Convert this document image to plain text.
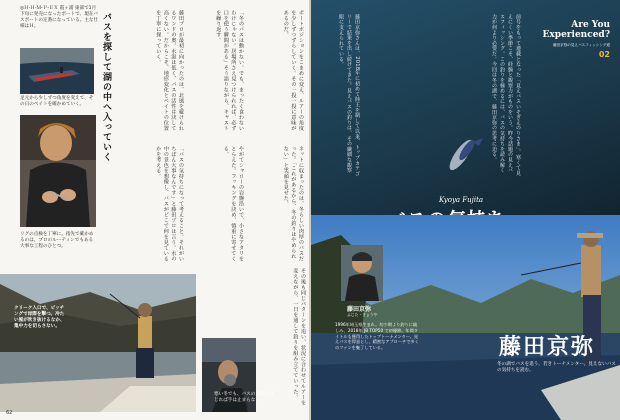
◎Ｈ‐Ｈ‐Ｍ‐Ｐ‐ＥＸ 霞ヶ浦 東部で1月下旬に発売になったボートで、現在バスボートの定番になっている。主な仕様はＨ。
足元から少しずつ角度を変えて、その日のベイトを確かめていく。
リグの点検を丁寧に。指先で確かめるのは、プロのルーティンでもある大事な工程のひとつ。
バスを探して湖の中へ入っていく	藤田プロが最初に向かったのは、北風を避けられるワンドの奥。水温は低く、バスの活性は決して高くない。だからこそ、地形変化とベイトの位置を丁寧に探っていく。	「冬のバスは動かない。でも、まったく食わないわけじゃない。居場所さえ見つけられれば、必ず口を使う瞬間がある」そう語りながら、キャストを繰り返す。	ボートポジションをこまめに変え、ルアーの角度を少しずつずらしていく。その一投一投に意味があるのだ。
「バスの気持ちになって考えること。それがいちばん大事なんです」と藤田プロは言う。水の中の景色を想像し、バスがどこで何を見ているかを考える。	やがてシャローの岩盤沿いで、小さなアタリをとらえた。フッキングを決め、慎重に寄せてくる。	ネットに収まったのは、冬らしい肉厚のバスだった。「これがあるから、冬の釣りはやめられない」と笑顔を見せた。
その後も同じパターンを追い、状況に合わせてルアーを変えながら、一日を通して釣りを組み立てていった。
クリーク入口で、ピッチングで岸際を撃つ。冷たい風が吹き抜けるなか、集中力を切らさない。
寒い冬でも、バスの気配を感じれば手は止まらない。
62
Are You Experienced?
藤田京弥の見えバスフィッシング道
02
前号をもって連載となった「見えバスいそぎえのりさま」。寒くて見えにくい季節こそ、経験と観察力がものをいう。昨今話題の見えバスフィッシング。この釣りを極めるには、バスの気持ちを読み解く力が何より必要だ。今回は冬の湖で、藤田京弥の思考に迫る。
藤田京弥さんは、2018年に初めて陸王を制して以来、トップカテゴリーで結果を出し続けてきた。見えバスの釣りは、その繊細な観察眼に支えられている。
Kyoya Fujita
藤田京弥
ふじた・きょうや
1996年埼玉県生まれ。幼少期より釣りに親しみ、2018年 JB TOP50 で初優勝。年間タイトルも獲得したトップトーナメンター。見えバスを得意とし、精密なアプローチで多くのファンを魅了している。	藤田京弥
冬の湖でバスを追う、若きトーナメンター。見えないバスの気持ちを読む。
